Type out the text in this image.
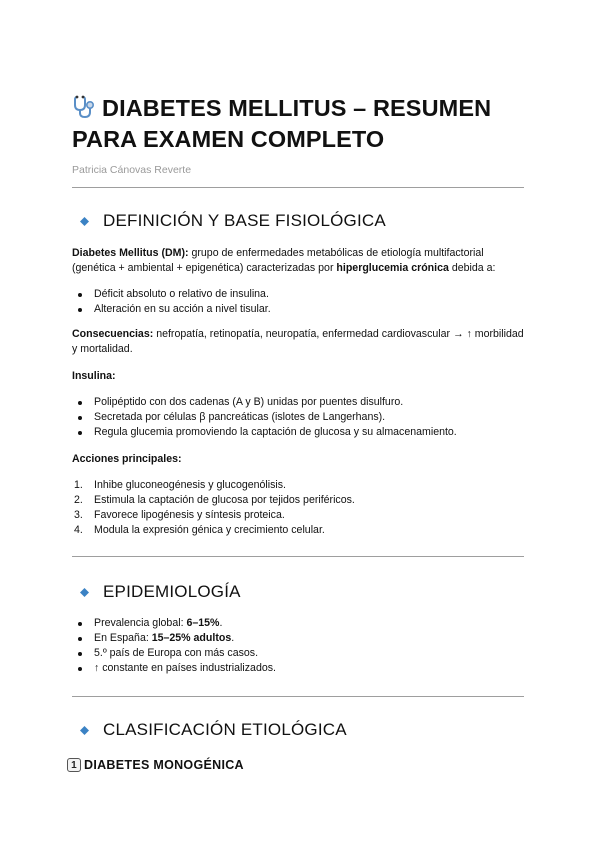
DIABETES MELLITUS – RESUMEN PARA EXAMEN COMPLETO
Patricia Cánovas Reverte
DEFINICIÓN Y BASE FISIOLÓGICA

Diabetes Mellitus (DM): grupo de enfermedades metabólicas de etiología multifactorial (genética + ambiental + epigenética) caracterizadas por hiperglucemia crónica debida a:

Déficit absoluto o relativo de insulina.
Alteración en su acción a nivel tisular.

Consecuencias: nefropatía, retinopatía, neuropatía, enfermedad cardiovascular → ↑ morbilidad y mortalidad.

Insulina:

Polipéptido con dos cadenas (A y B) unidas por puentes disulfuro.
Secretada por células β pancreáticas (islotes de Langerhans).
Regula glucemia promoviendo la captación de glucosa y su almacenamiento.

Acciones principales:

1. Inhibe gluconeogénesis y glucogenólisis.
2. Estimula la captación de glucosa por tejidos periféricos.
3. Favorece lipogénesis y síntesis proteica.
4. Modula la expresión génica y crecimiento celular.
EPIDEMIOLOGÍA
Prevalencia global: 6–15%.
En España: 15–25% adultos.
5.º país de Europa con más casos.
↑ constante en países industrializados.
CLASIFICACIÓN ETIOLÓGICA
1 DIABETES MONOGÉNICA
